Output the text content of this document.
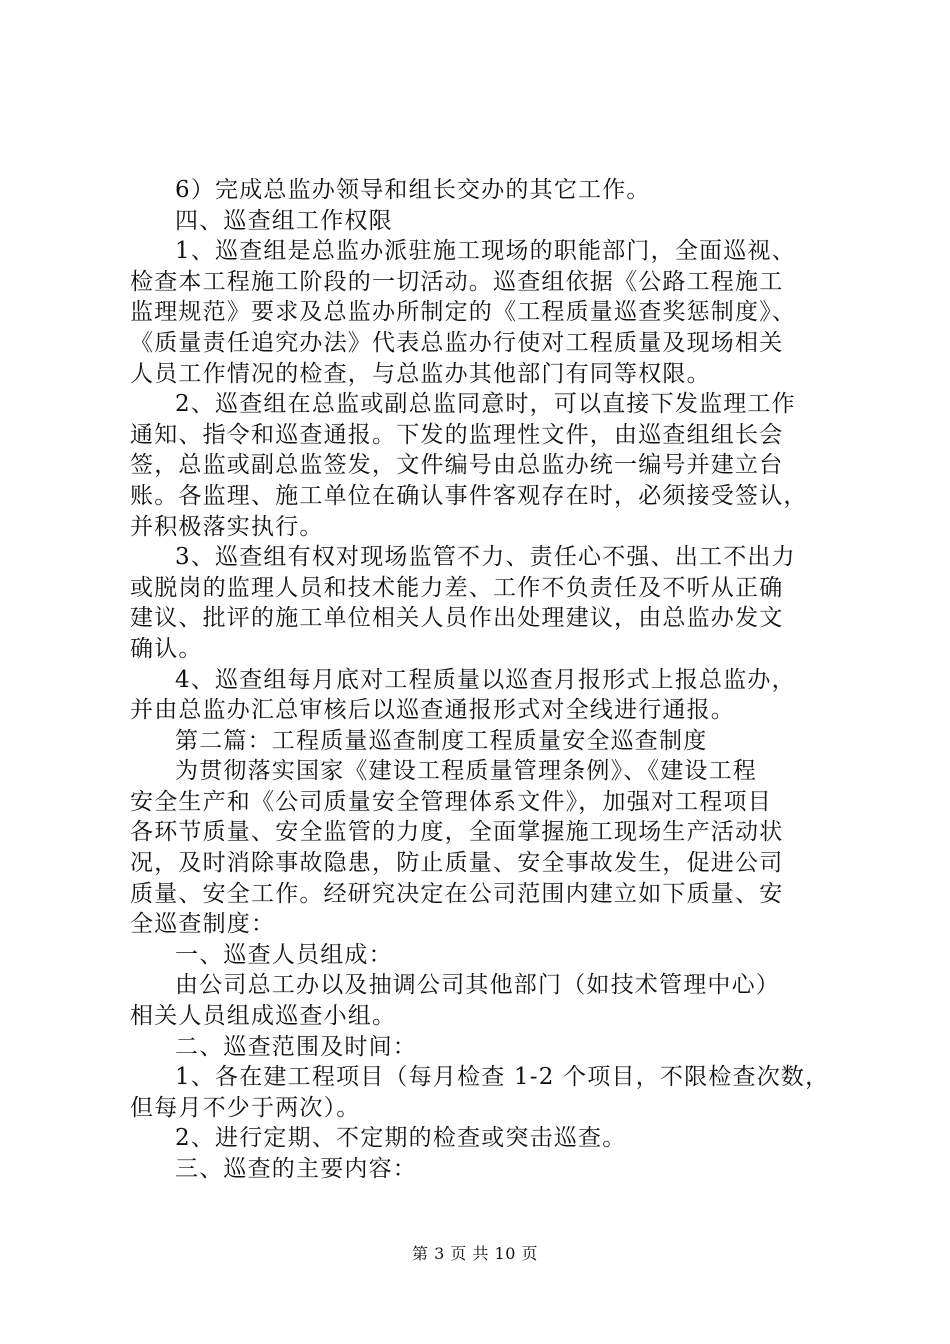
6）完成总监办领导和组长交办的其它工作。
四、巡查组工作权限
1、巡查组是总监办派驻施工现场的职能部门，全面巡视、
检查本工程施工阶段的一切活动。巡查组依据《公路工程施工
监理规范》要求及总监办所制定的《工程质量巡查奖惩制度》、
《质量责任追究办法》代表总监办行使对工程质量及现场相关
人员工作情况的检查，与总监办其他部门有同等权限。
2、巡查组在总监或副总监同意时，可以直接下发监理工作
通知、指令和巡查通报。下发的监理性文件，由巡查组组长会
签，总监或副总监签发，文件编号由总监办统一编号并建立台
账。各监理、施工单位在确认事件客观存在时，必须接受签认，
并积极落实执行。
3、巡查组有权对现场监管不力、责任心不强、出工不出力
或脱岗的监理人员和技术能力差、工作不负责任及不听从正确
建议、批评的施工单位相关人员作出处理建议，由总监办发文
确认。
4、巡查组每月底对工程质量以巡查月报形式上报总监办，
并由总监办汇总审核后以巡查通报形式对全线进行通报。
第二篇：工程质量巡查制度工程质量安全巡查制度
为贯彻落实国家《建设工程质量管理条例》、《建设工程
安全生产和《公司质量安全管理体系文件》，加强对工程项目
各环节质量、安全监管的力度，全面掌握施工现场生产活动状
况，及时消除事故隐患，防止质量、安全事故发生，促进公司
质量、安全工作。经研究决定在公司范围内建立如下质量、安
全巡查制度：
一、巡查人员组成：
由公司总工办以及抽调公司其他部门（如技术管理中心）
相关人员组成巡查小组。
二、巡查范围及时间：
1、各在建工程项目（每月检查 1-2 个项目，不限检查次数，
但每月不少于两次）。
2、进行定期、不定期的检查或突击巡查。
三、巡查的主要内容：
第 3 页 共 10 页
